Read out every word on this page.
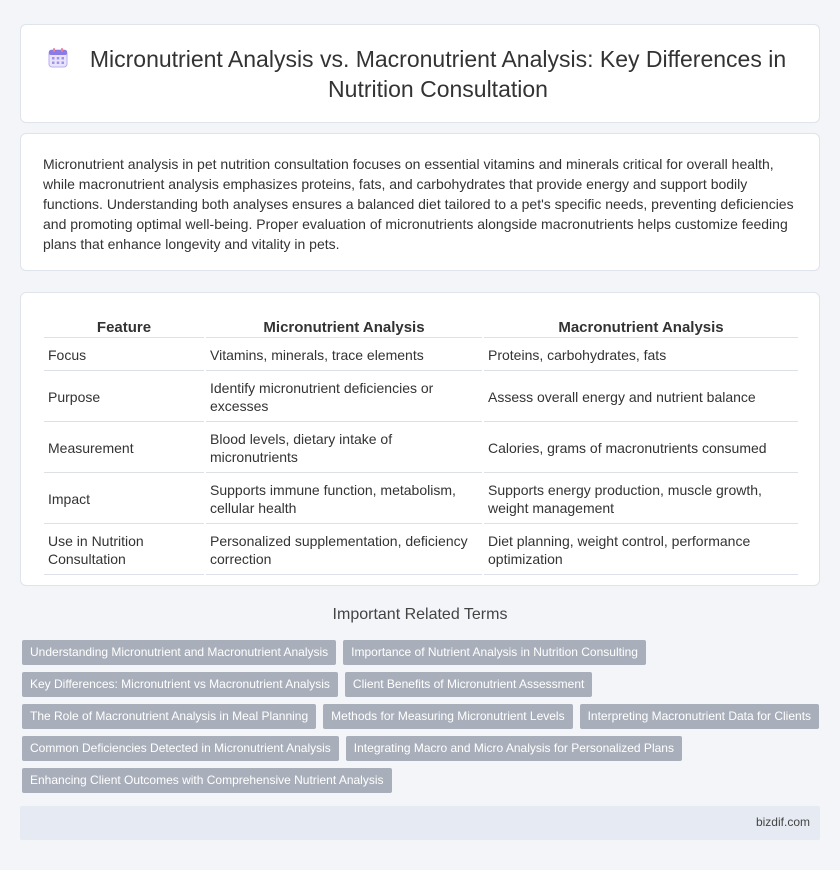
Micronutrient Analysis vs. Macronutrient Analysis: Key Differences in Nutrition Consultation

Micronutrient analysis in pet nutrition consultation focuses on essential vitamins and minerals critical for overall health, while macronutrient analysis emphasizes proteins, fats, and carbohydrates that provide energy and support bodily functions. Understanding both analyses ensures a balanced diet tailored to a pet's specific needs, preventing deficiencies and promoting optimal well-being. Proper evaluation of micronutrients alongside macronutrients helps customize feeding plans that enhance longevity and vitality in pets.

Feature	Micronutrient Analysis	Macronutrient Analysis
Focus	Vitamins, minerals, trace elements	Proteins, carbohydrates, fats
Purpose	Identify micronutrient deficiencies or excesses	Assess overall energy and nutrient balance
Measurement	Blood levels, dietary intake of micronutrients	Calories, grams of macronutrients consumed
Impact	Supports immune function, metabolism, cellular health	Supports energy production, muscle growth, weight management
Use in Nutrition Consultation	Personalized supplementation, deficiency correction	Diet planning, weight control, performance optimization
Important Related Terms
Understanding Micronutrient and Macronutrient Analysis	Importance of Nutrient Analysis in Nutrition Consulting
Key Differences: Micronutrient vs Macronutrient Analysis	Client Benefits of Micronutrient Assessment
The Role of Macronutrient Analysis in Meal Planning	Methods for Measuring Micronutrient Levels	Interpreting Macronutrient Data for Clients
Common Deficiencies Detected in Micronutrient Analysis	Integrating Macro and Micro Analysis for Personalized Plans
Enhancing Client Outcomes with Comprehensive Nutrient Analysis
bizdif.com
